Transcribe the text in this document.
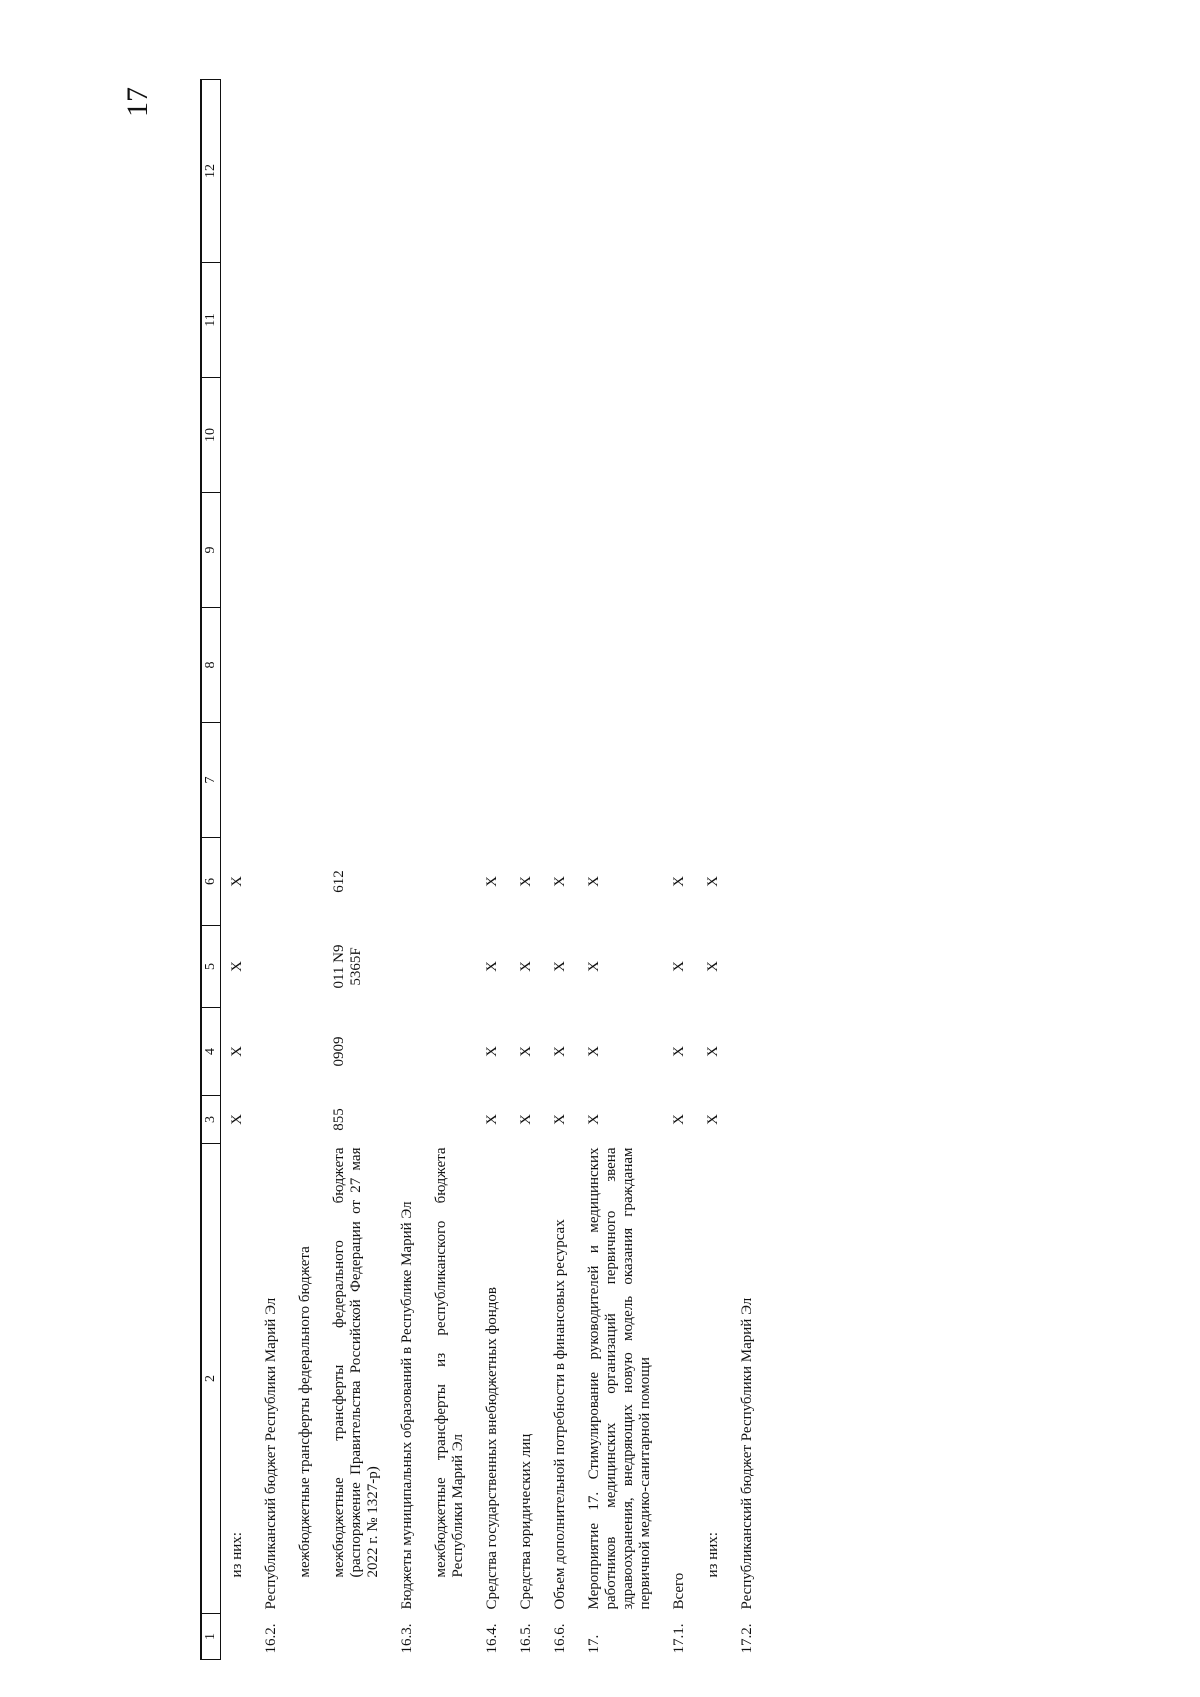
17
1	2	3	4	5	6	7	8	9	10	11	12
	из них:	X	X	X	X						
16.2.	Республиканский бюджет Республики Марий Эл										
	межбюджетные трансферты федерального бюджета										
	межбюджетные трансферты федерального бюджета (распоряжение Правительства Российской Федерации от 27 мая 2022 г. № 1327-р)	855	0909	011 N9 5365F	612						
16.3.	Бюджеты муниципальных образований в Республике Марий Эл										
	межбюджетные трансферты из республиканского бюджета Республики Марий Эл										
16.4.	Средства государственных внебюджетных фондов	X	X	X	X						
16.5.	Средства юридических лиц	X	X	X	X						
16.6.	Объем дополнительной потребности в финансовых ресурсах	X	X	X	X						
17.	Мероприятие 17. Стимулирование руководителей и медицинских работников медицинских организаций первичного звена здравоохранения, внедряющих новую модель оказания гражданам первичной медико-санитарной помощи	X	X	X	X						
17.1.	Всего	X	X	X	X						
	из них:	X	X	X	X						
17.2.	Республиканский бюджет Республики Марий Эл										
